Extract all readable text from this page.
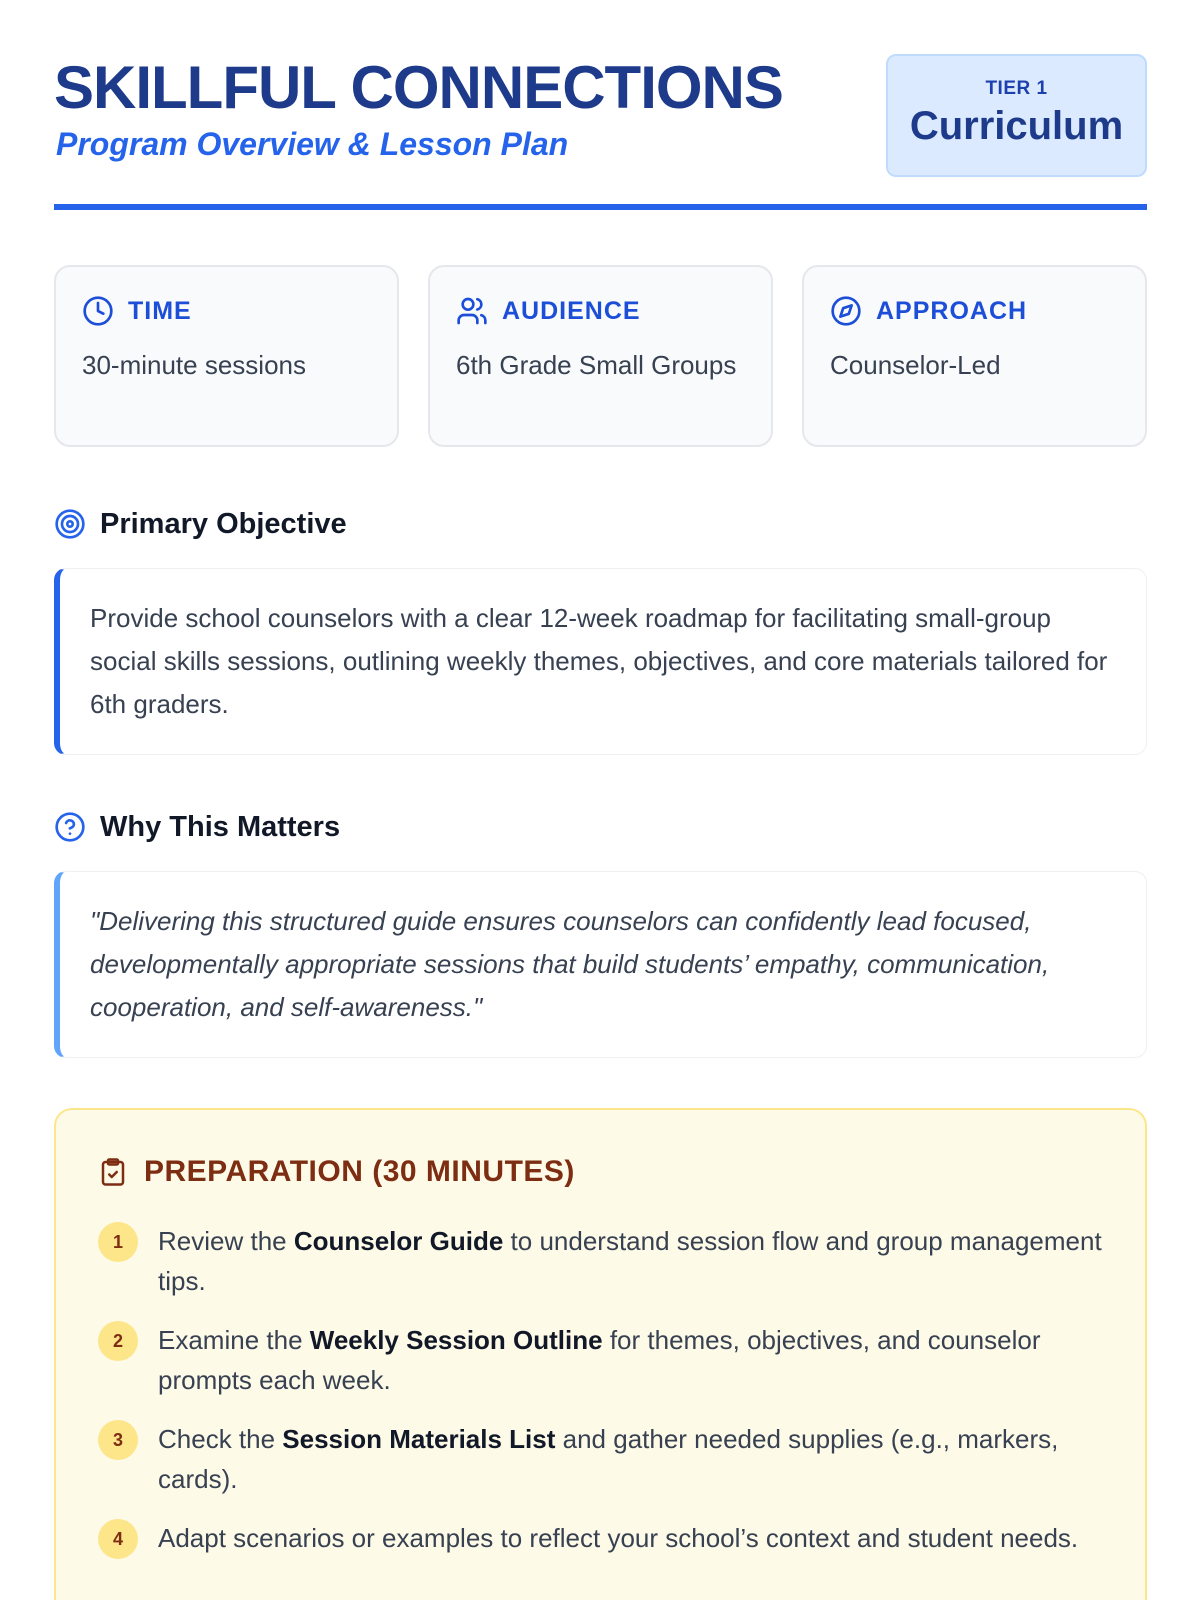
SKILLFUL CONNECTIONS
Program Overview & Lesson Plan
TIER 1
Curriculum
TIME
30-minute sessions
AUDIENCE
6th Grade Small Groups
APPROACH
Counselor-Led
Primary Objective
Provide school counselors with a clear 12-week roadmap for facilitating small-group social skills sessions, outlining weekly themes, objectives, and core materials tailored for 6th graders.
Why This Matters
"Delivering this structured guide ensures counselors can confidently lead focused, developmentally appropriate sessions that build students’ empathy, communication, cooperation, and self-awareness."
PREPARATION (30 MINUTES)
1	Review the Counselor Guide to understand session flow and group management tips.
2	Examine the Weekly Session Outline for themes, objectives, and counselor prompts each week.
3	Check the Session Materials List and gather needed supplies (e.g., markers, cards).
4	Adapt scenarios or examples to reflect your school’s context and student needs.
